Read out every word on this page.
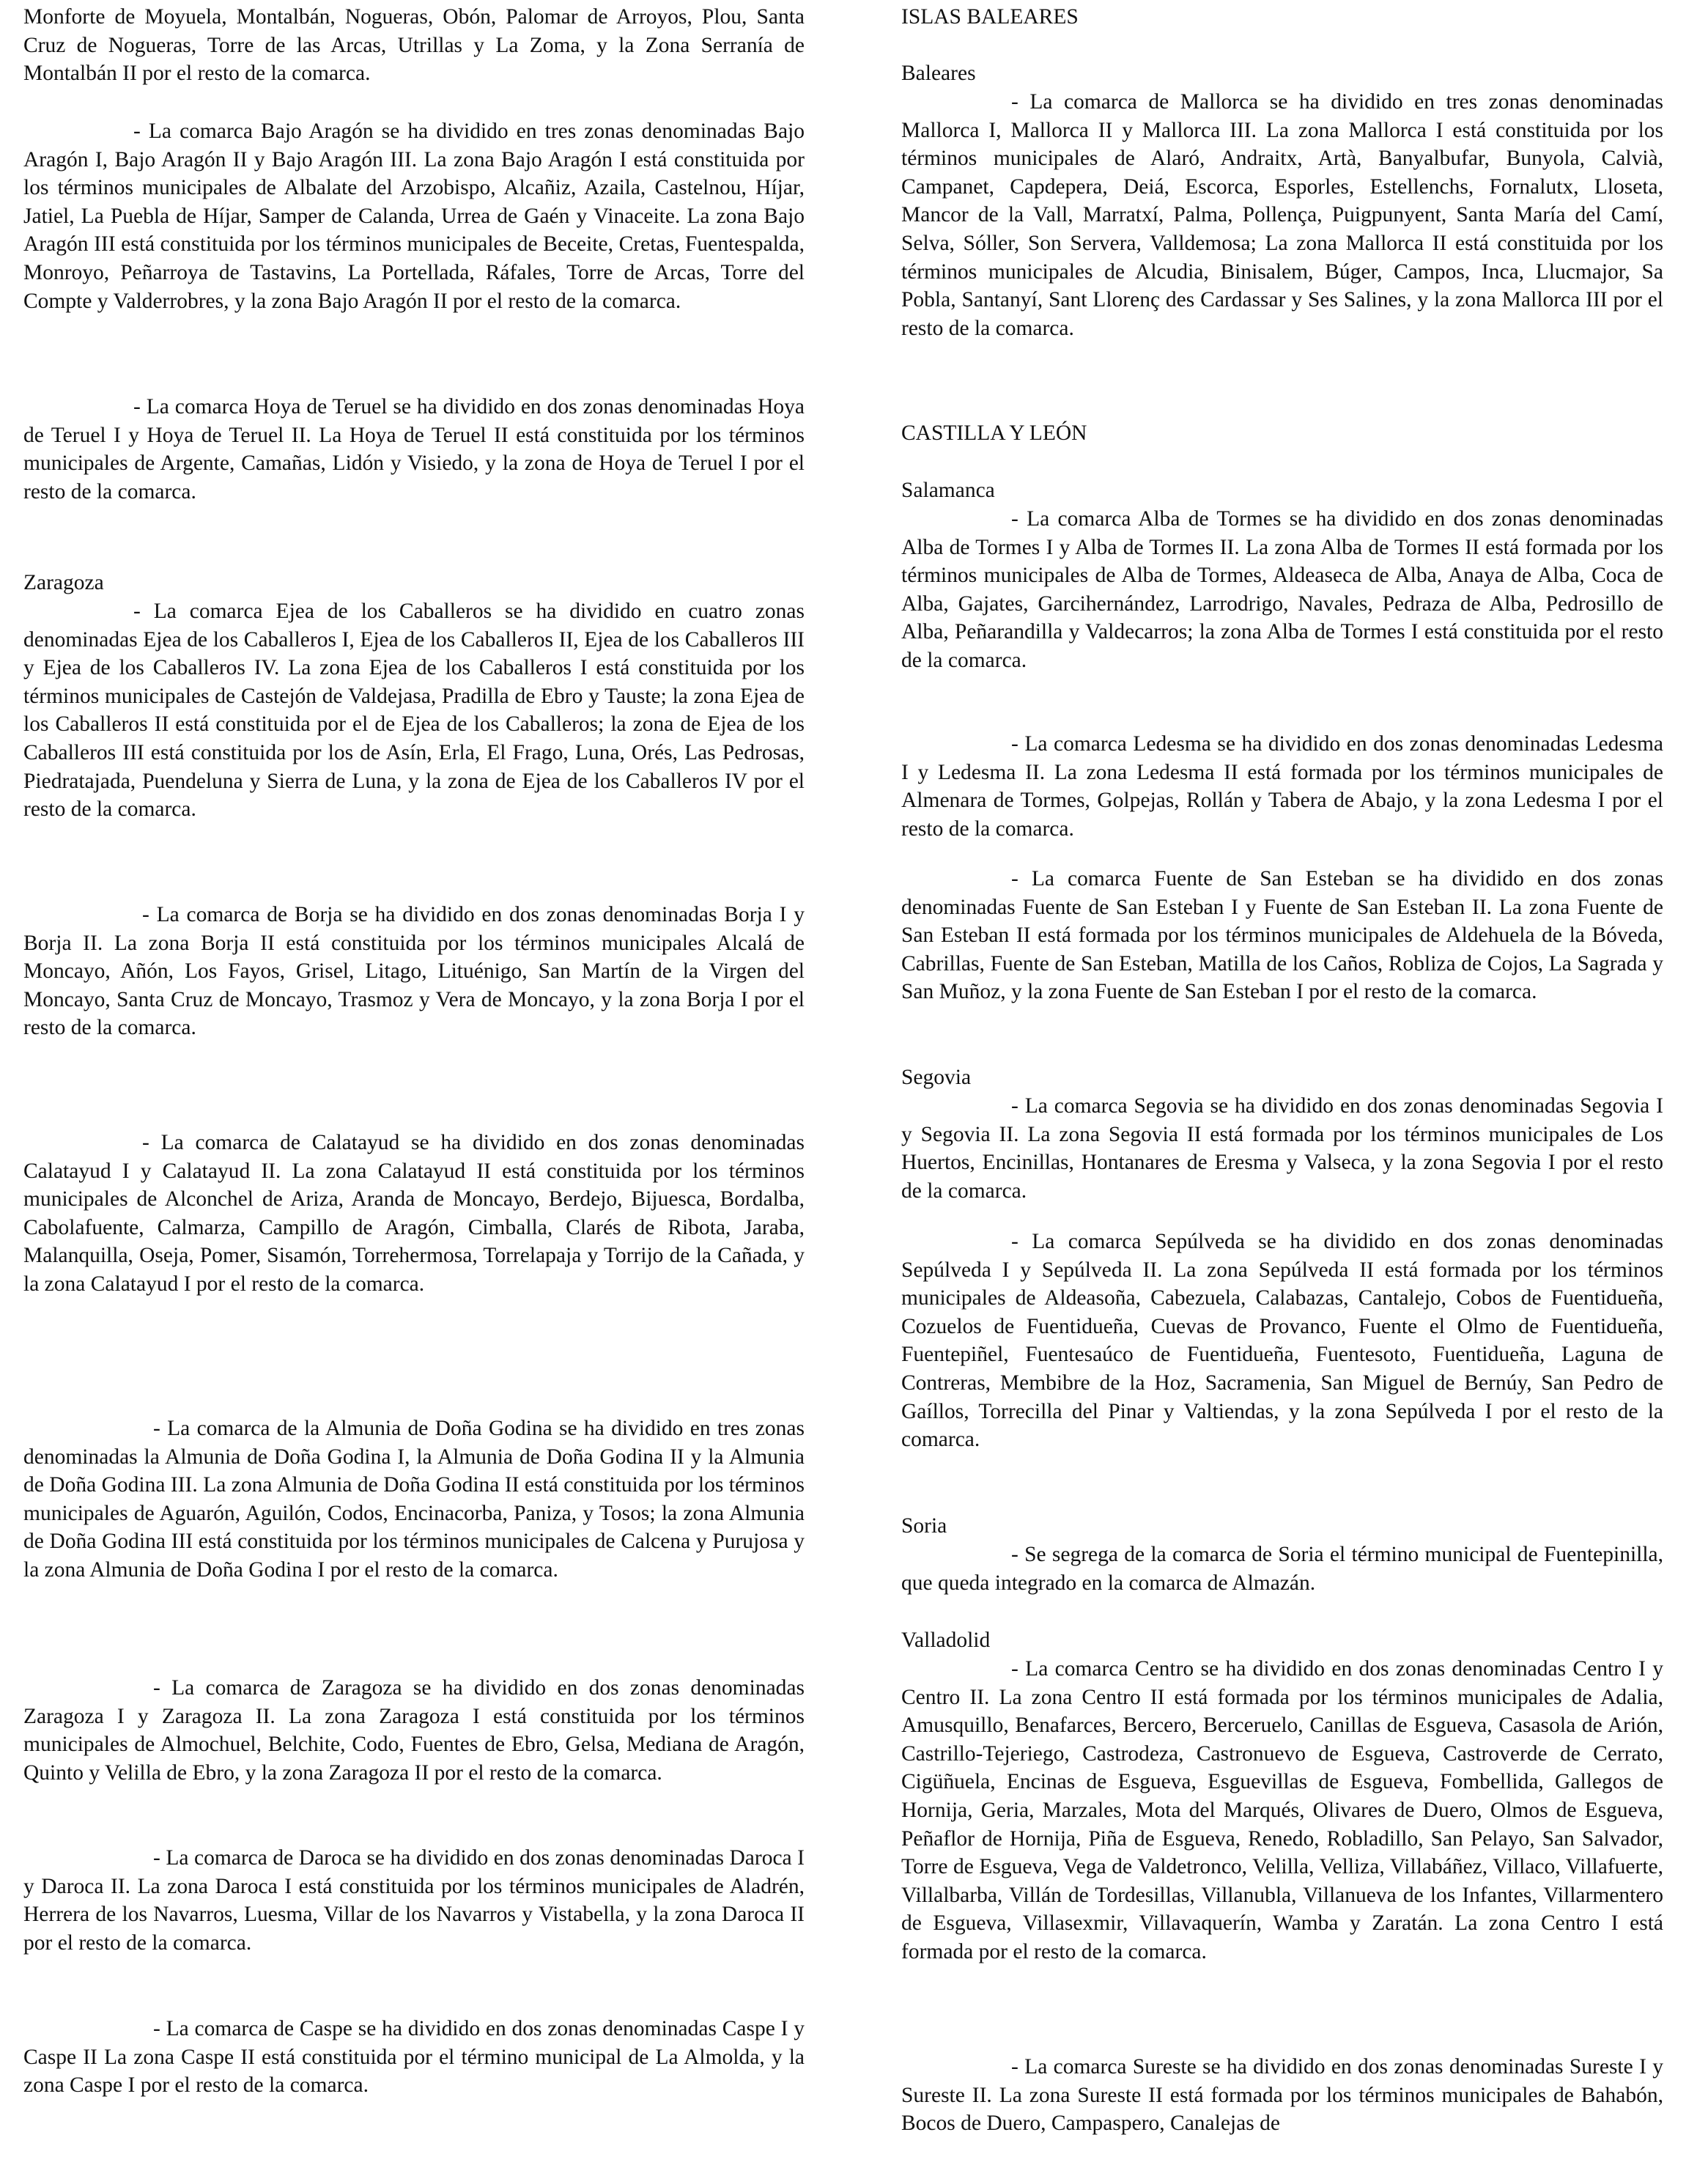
Monforte de Moyuela, Montalbán, Nogueras, Obón, Palomar de Arroyos, Plou, Santa Cruz de Nogueras, Torre de las Arcas, Utrillas y La Zoma, y la Zona Serranía de Montalbán II por el resto de la comarca.

- La comarca Bajo Aragón se ha dividido en tres zonas denominadas Bajo Aragón I, Bajo Aragón II y Bajo Aragón III. La zona Bajo Aragón I está constituida por los términos municipales de Albalate del Arzobispo, Alcañiz, Azaila, Castelnou, Híjar, Jatiel, La Puebla de Híjar, Samper de Calanda, Urrea de Gaén y Vinaceite. La zona Bajo Aragón III está constituida por los términos municipales de Beceite, Cretas, Fuentespalda, Monroyo, Peñarroya de Tastavins, La Portellada, Ráfales, Torre de Arcas, Torre del Compte y Valderrobres, y la zona Bajo Aragón II por el resto de la comarca.

- La comarca Hoya de Teruel se ha dividido en dos zonas denominadas Hoya de Teruel I y Hoya de Teruel II. La Hoya de Teruel II está constituida por los términos municipales de Argente, Camañas, Lidón y Visiedo, y la zona de Hoya de Teruel I por el resto de la comarca.

Zaragoza

- La comarca Ejea de los Caballeros se ha dividido en cuatro zonas denominadas Ejea de los Caballeros I, Ejea de los Caballeros II, Ejea de los Caballeros III y Ejea de los Caballeros IV. La zona Ejea de los Caballeros I está constituida por los términos municipales de Castejón de Valdejasa, Pradilla de Ebro y Tauste; la zona Ejea de los Caballeros II está constituida por el de Ejea de los Caballeros; la zona de Ejea de los Caballeros III está constituida por los de Asín, Erla, El Frago, Luna, Orés, Las Pedrosas, Piedratajada, Puendeluna y Sierra de Luna, y la zona de Ejea de los Caballeros IV por el resto de la comarca.

- La comarca de Borja se ha dividido en dos zonas denominadas Borja I y Borja II. La zona Borja II está constituida por los términos municipales Alcalá de Moncayo, Añón, Los Fayos, Grisel, Litago, Lituénigo, San Martín de la Virgen del Moncayo, Santa Cruz de Moncayo, Trasmoz y Vera de Moncayo, y la zona Borja I por el resto de la comarca.

- La comarca de Calatayud se ha dividido en dos zonas denominadas Calatayud I y Calatayud II. La zona Calatayud II está constituida por los términos municipales de Alconchel de Ariza, Aranda de Moncayo, Berdejo, Bijuesca, Bordalba, Cabolafuente, Calmarza, Campillo de Aragón, Cimballa, Clarés de Ribota, Jaraba, Malanquilla, Oseja, Pomer, Sisamón, Torrehermosa, Torrelapaja y Torrijo de la Cañada, y la zona Calatayud I por el resto de la comarca.

- La comarca de la Almunia de Doña Godina se ha dividido en tres zonas denominadas la Almunia de Doña Godina I, la Almunia de Doña Godina II y la Almunia de Doña Godina III. La zona Almunia de Doña Godina II está constituida por los términos municipales de Aguarón, Aguilón, Codos, Encinacorba, Paniza, y Tosos; la zona Almunia de Doña Godina III está constituida por los términos municipales de Calcena y Purujosa y la zona Almunia de Doña Godina I por el resto de la comarca.

- La comarca de Zaragoza se ha dividido en dos zonas denominadas Zaragoza I y Zaragoza II. La zona Zaragoza I está constituida por los términos municipales de Almochuel, Belchite, Codo, Fuentes de Ebro, Gelsa, Mediana de Aragón, Quinto y Velilla de Ebro, y la zona Zaragoza II por el resto de la comarca.

- La comarca de Daroca se ha dividido en dos zonas denominadas Daroca I y Daroca II. La zona Daroca I está constituida por los términos municipales de Aladrén, Herrera de los Navarros, Luesma, Villar de los Navarros y Vistabella, y la zona Daroca II por el resto de la comarca.

- La comarca de Caspe se ha dividido en dos zonas denominadas Caspe I y Caspe II La zona Caspe II está constituida por el término municipal de La Almolda, y la zona Caspe I por el resto de la comarca.

ISLAS BALEARES

Baleares

- La comarca de Mallorca se ha dividido en tres zonas denominadas Mallorca I, Mallorca II y Mallorca III. La zona Mallorca I está constituida por los términos municipales de Alaró, Andraitx, Artà, Banyalbufar, Bunyola, Calvià, Campanet, Capdepera, Deiá, Escorca, Esporles, Estellenchs, Fornalutx, Lloseta, Mancor de la Vall, Marratxí, Palma, Pollença, Puigpunyent, Santa María del Camí, Selva, Sóller, Son Servera, Valldemosa; La zona Mallorca II está constituida por los términos municipales de Alcudia, Binisalem, Búger, Campos, Inca, Llucmajor, Sa Pobla, Santanyí, Sant Llorenç des Cardassar y Ses Salines, y la zona Mallorca III por el resto de la comarca.

CASTILLA Y LEÓN

Salamanca

- La comarca Alba de Tormes se ha dividido en dos zonas denominadas Alba de Tormes I y Alba de Tormes II. La zona Alba de Tormes II está formada por los términos municipales de Alba de Tormes, Aldeaseca de Alba, Anaya de Alba, Coca de Alba, Gajates, Garcihernández, Larrodrigo, Navales, Pedraza de Alba, Pedrosillo de Alba, Peñarandilla y Valdecarros; la zona Alba de Tormes I está constituida por el resto de la comarca.

- La comarca Ledesma se ha dividido en dos zonas denominadas Ledesma I y Ledesma II. La zona Ledesma II está formada por los términos municipales de Almenara de Tormes, Golpejas, Rollán y Tabera de Abajo, y la zona Ledesma I por el resto de la comarca.

- La comarca Fuente de San Esteban se ha dividido en dos zonas denominadas Fuente de San Esteban I y Fuente de San Esteban II. La zona Fuente de San Esteban II está formada por los términos municipales de Aldehuela de la Bóveda, Cabrillas, Fuente de San Esteban, Matilla de los Caños, Robliza de Cojos, La Sagrada y San Muñoz, y la zona Fuente de San Esteban I por el resto de la comarca.

Segovia

- La comarca Segovia se ha dividido en dos zonas denominadas Segovia I y Segovia II. La zona Segovia II está formada por los términos municipales de Los Huertos, Encinillas, Hontanares de Eresma y Valseca, y la zona Segovia I por el resto de la comarca.

- La comarca Sepúlveda se ha dividido en dos zonas denominadas Sepúlveda I y Sepúlveda II. La zona Sepúlveda II está formada por los términos municipales de Aldeasoña, Cabezuela, Calabazas, Cantalejo, Cobos de Fuentidueña, Cozuelos de Fuentidueña, Cuevas de Provanco, Fuente el Olmo de Fuentidueña, Fuentepiñel, Fuentesaúco de Fuentidueña, Fuentesoto, Fuentidueña, Laguna de Contreras, Membibre de la Hoz, Sacramenia, San Miguel de Bernúy, San Pedro de Gaíllos, Torrecilla del Pinar y Valtiendas, y la zona Sepúlveda I por el resto de la comarca.

Soria

- Se segrega de la comarca de Soria el término municipal de Fuentepinilla, que queda integrado en la comarca de Almazán.

Valladolid

- La comarca Centro se ha dividido en dos zonas denominadas Centro I y Centro II. La zona Centro II está formada por los términos municipales de Adalia, Amusquillo, Benafarces, Bercero, Berceruelo, Canillas de Esgueva, Casasola de Arión, Castrillo-Tejeriego, Castrodeza, Castronuevo de Esgueva, Castroverde de Cerrato, Cigüñuela, Encinas de Esgueva, Esguevillas de Esgueva, Fombellida, Gallegos de Hornija, Geria, Marzales, Mota del Marqués, Olivares de Duero, Olmos de Esgueva, Peñaflor de Hornija, Piña de Esgueva, Renedo, Robladillo, San Pelayo, San Salvador, Torre de Esgueva, Vega de Valdetronco, Velilla, Velliza, Villabáñez, Villaco, Villafuerte, Villalbarba, Villán de Tordesillas, Villanubla, Villanueva de los Infantes, Villarmentero de Esgueva, Villasexmir, Villavaquerín, Wamba y Zaratán. La zona Centro I está formada por el resto de la comarca.

- La comarca Sureste se ha dividido en dos zonas denominadas Sureste I y Sureste II. La zona Sureste II está formada por los términos municipales de Bahabón, Bocos de Duero, Campaspero, Canalejas de
